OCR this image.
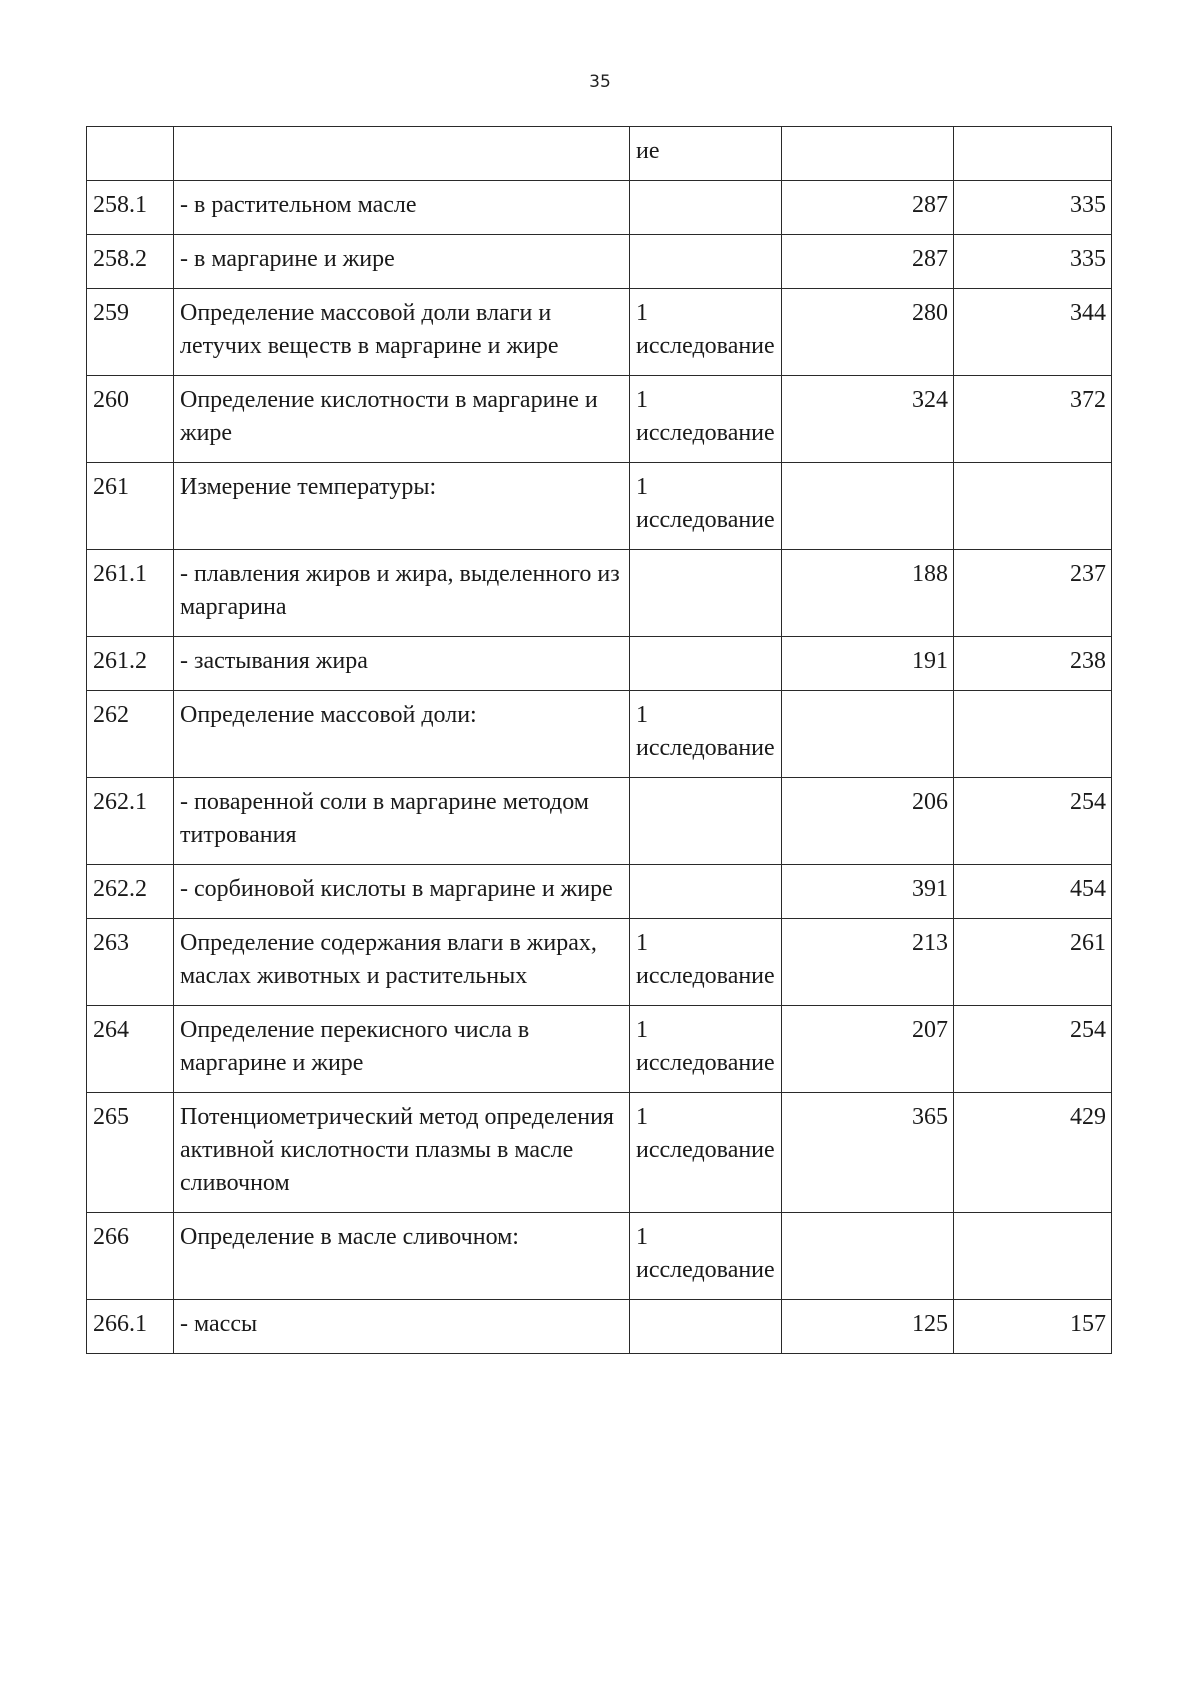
35
		ие		
258.1	- в растительном масле		287	335
258.2	- в маргарине и жире		287	335
259	Определение массовой доли влаги и летучих веществ в маргарине и жире	1 исследование	280	344
260	Определение кислотности в маргарине и жире	1 исследование	324	372
261	Измерение температуры:	1 исследование		
261.1	- плавления жиров и жира, выделенного из маргарина		188	237
261.2	- застывания жира		191	238
262	Определение массовой доли:	1 исследование		
262.1	- поваренной соли в маргарине методом титрования		206	254
262.2	- сорбиновой кислоты в маргарине и жире		391	454
263	Определение содержания влаги в жирах, маслах животных и растительных	1 исследование	213	261
264	Определение перекисного числа в маргарине и жире	1 исследование	207	254
265	Потенциометрический метод определения активной кислотности плазмы в масле сливочном	1 исследование	365	429
266	Определение в масле сливочном:	1 исследование		
266.1	- массы		125	157
